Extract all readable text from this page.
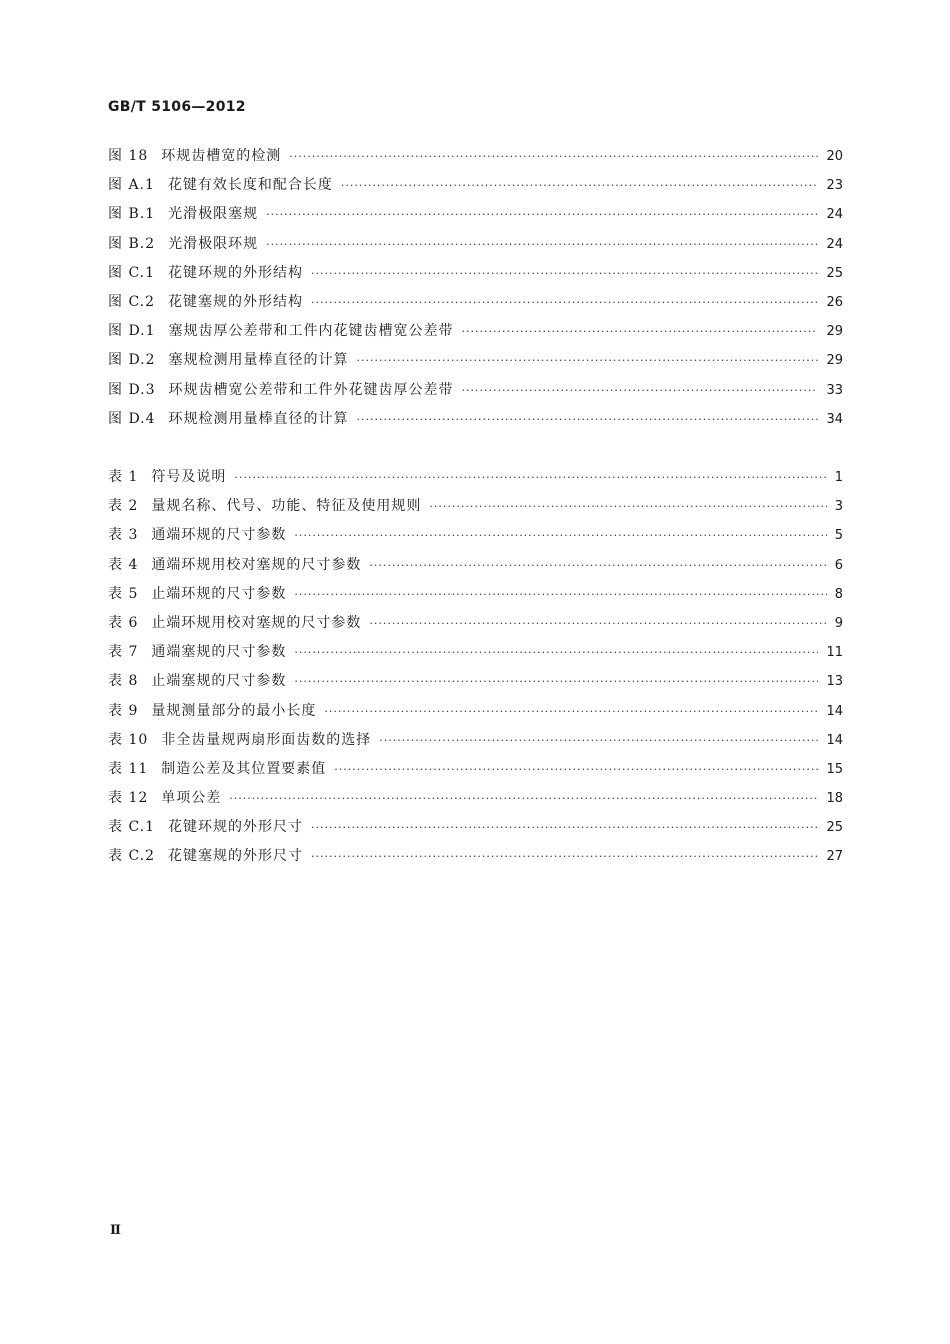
GB/T 5106—2012
图 18 环规齿槽宽的检测 ·····	20
图 A.1 花键有效长度和配合长度 ·····	23
图 B.1 光滑极限塞规 ·····	24
图 B.2 光滑极限环规 ·····	24
图 C.1 花键环规的外形结构 ·····	25
图 C.2 花键塞规的外形结构 ·····	26
图 D.1 塞规齿厚公差带和工件内花键齿槽宽公差带 ·····	29
图 D.2 塞规检测用量棒直径的计算 ·····	29
图 D.3 环规齿槽宽公差带和工件外花键齿厚公差带 ·····	33
图 D.4 环规检测用量棒直径的计算 ·····	34
表 1 符号及说明 ·····	1
表 2 量规名称、代号、功能、特征及使用规则 ·····	3
表 3 通端环规的尺寸参数 ·····	5
表 4 通端环规用校对塞规的尺寸参数 ·····	6
表 5 止端环规的尺寸参数 ·····	8
表 6 止端环规用校对塞规的尺寸参数 ·····	9
表 7 通端塞规的尺寸参数 ·····	11
表 8 止端塞规的尺寸参数 ·····	13
表 9 量规测量部分的最小长度 ·····	14
表 10 非全齿量规两扇形面齿数的选择 ·····	14
表 11 制造公差及其位置要素值 ·····	15
表 12 单项公差 ·····	18
表 C.1 花键环规的外形尺寸 ·····	25
表 C.2 花键塞规的外形尺寸 ·····	27
Ⅱ
